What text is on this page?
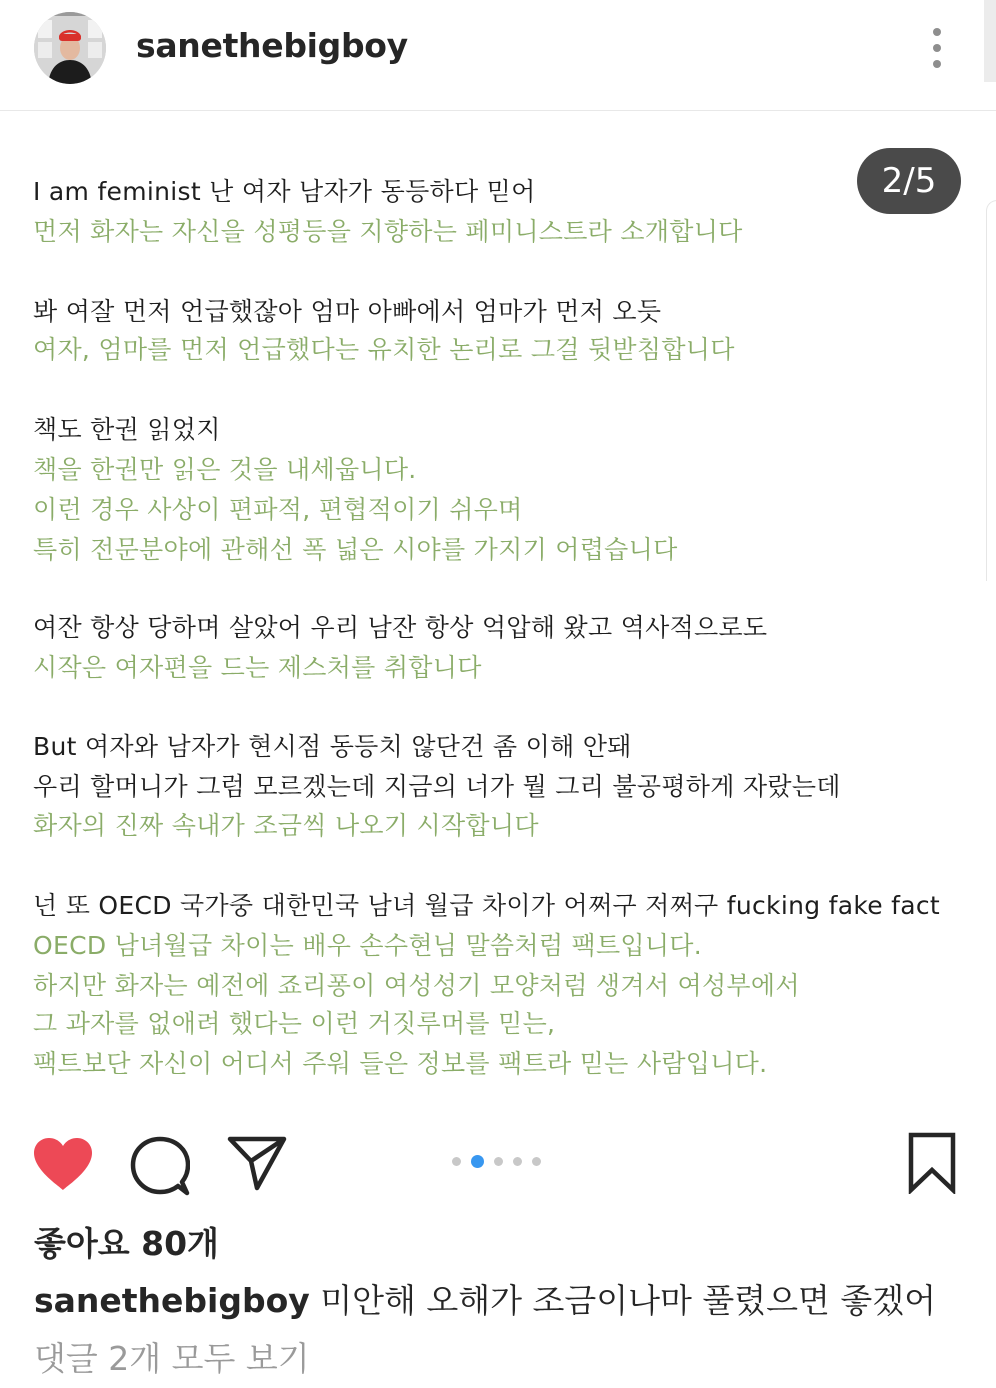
sanethebigboy
I am feminist 난 여자 남자가 동등하다 믿어
먼저 화자는 자신을 성평등을 지향하는 페미니스트라 소개합니다
봐 여잘 먼저 언급했잖아 엄마 아빠에서 엄마가 먼저 오듯
여자, 엄마를 먼저 언급했다는 유치한 논리로 그걸 뒷받침합니다
책도 한권 읽었지
책을 한권만 읽은 것을 내세웁니다.
이런 경우 사상이 편파적, 편협적이기 쉬우며
특히 전문분야에 관해선 폭 넓은 시야를 가지기 어렵습니다
여잔 항상 당하며 살았어 우리 남잔 항상 억압해 왔고 역사적으로도
시작은 여자편을 드는 제스처를 취합니다
But 여자와 남자가 현시점 동등치 않단건 좀 이해 안돼
우리 할머니가 그럼 모르겠는데 지금의 너가 뭘 그리 불공평하게 자랐는데
화자의 진짜 속내가 조금씩 나오기 시작합니다
넌 또 OECD 국가중 대한민국 남녀 월급 차이가 어쩌구 저쩌구 fucking fake fact
OECD 남녀월급 차이는 배우 손수현님 말씀처럼 팩트입니다.
하지만 화자는 예전에 죠리퐁이 여성성기 모양처럼 생겨서 여성부에서
그 과자를 없애려 했다는 이런 거짓루머를 믿는,
팩트보단 자신이 어디서 주워 들은 정보를 팩트라 믿는 사람입니다.
2/5
좋아요 80개
sanethebigboy 미안해 오해가 조금이나마 풀렸으면 좋겠어
댓글 2개 모두 보기
